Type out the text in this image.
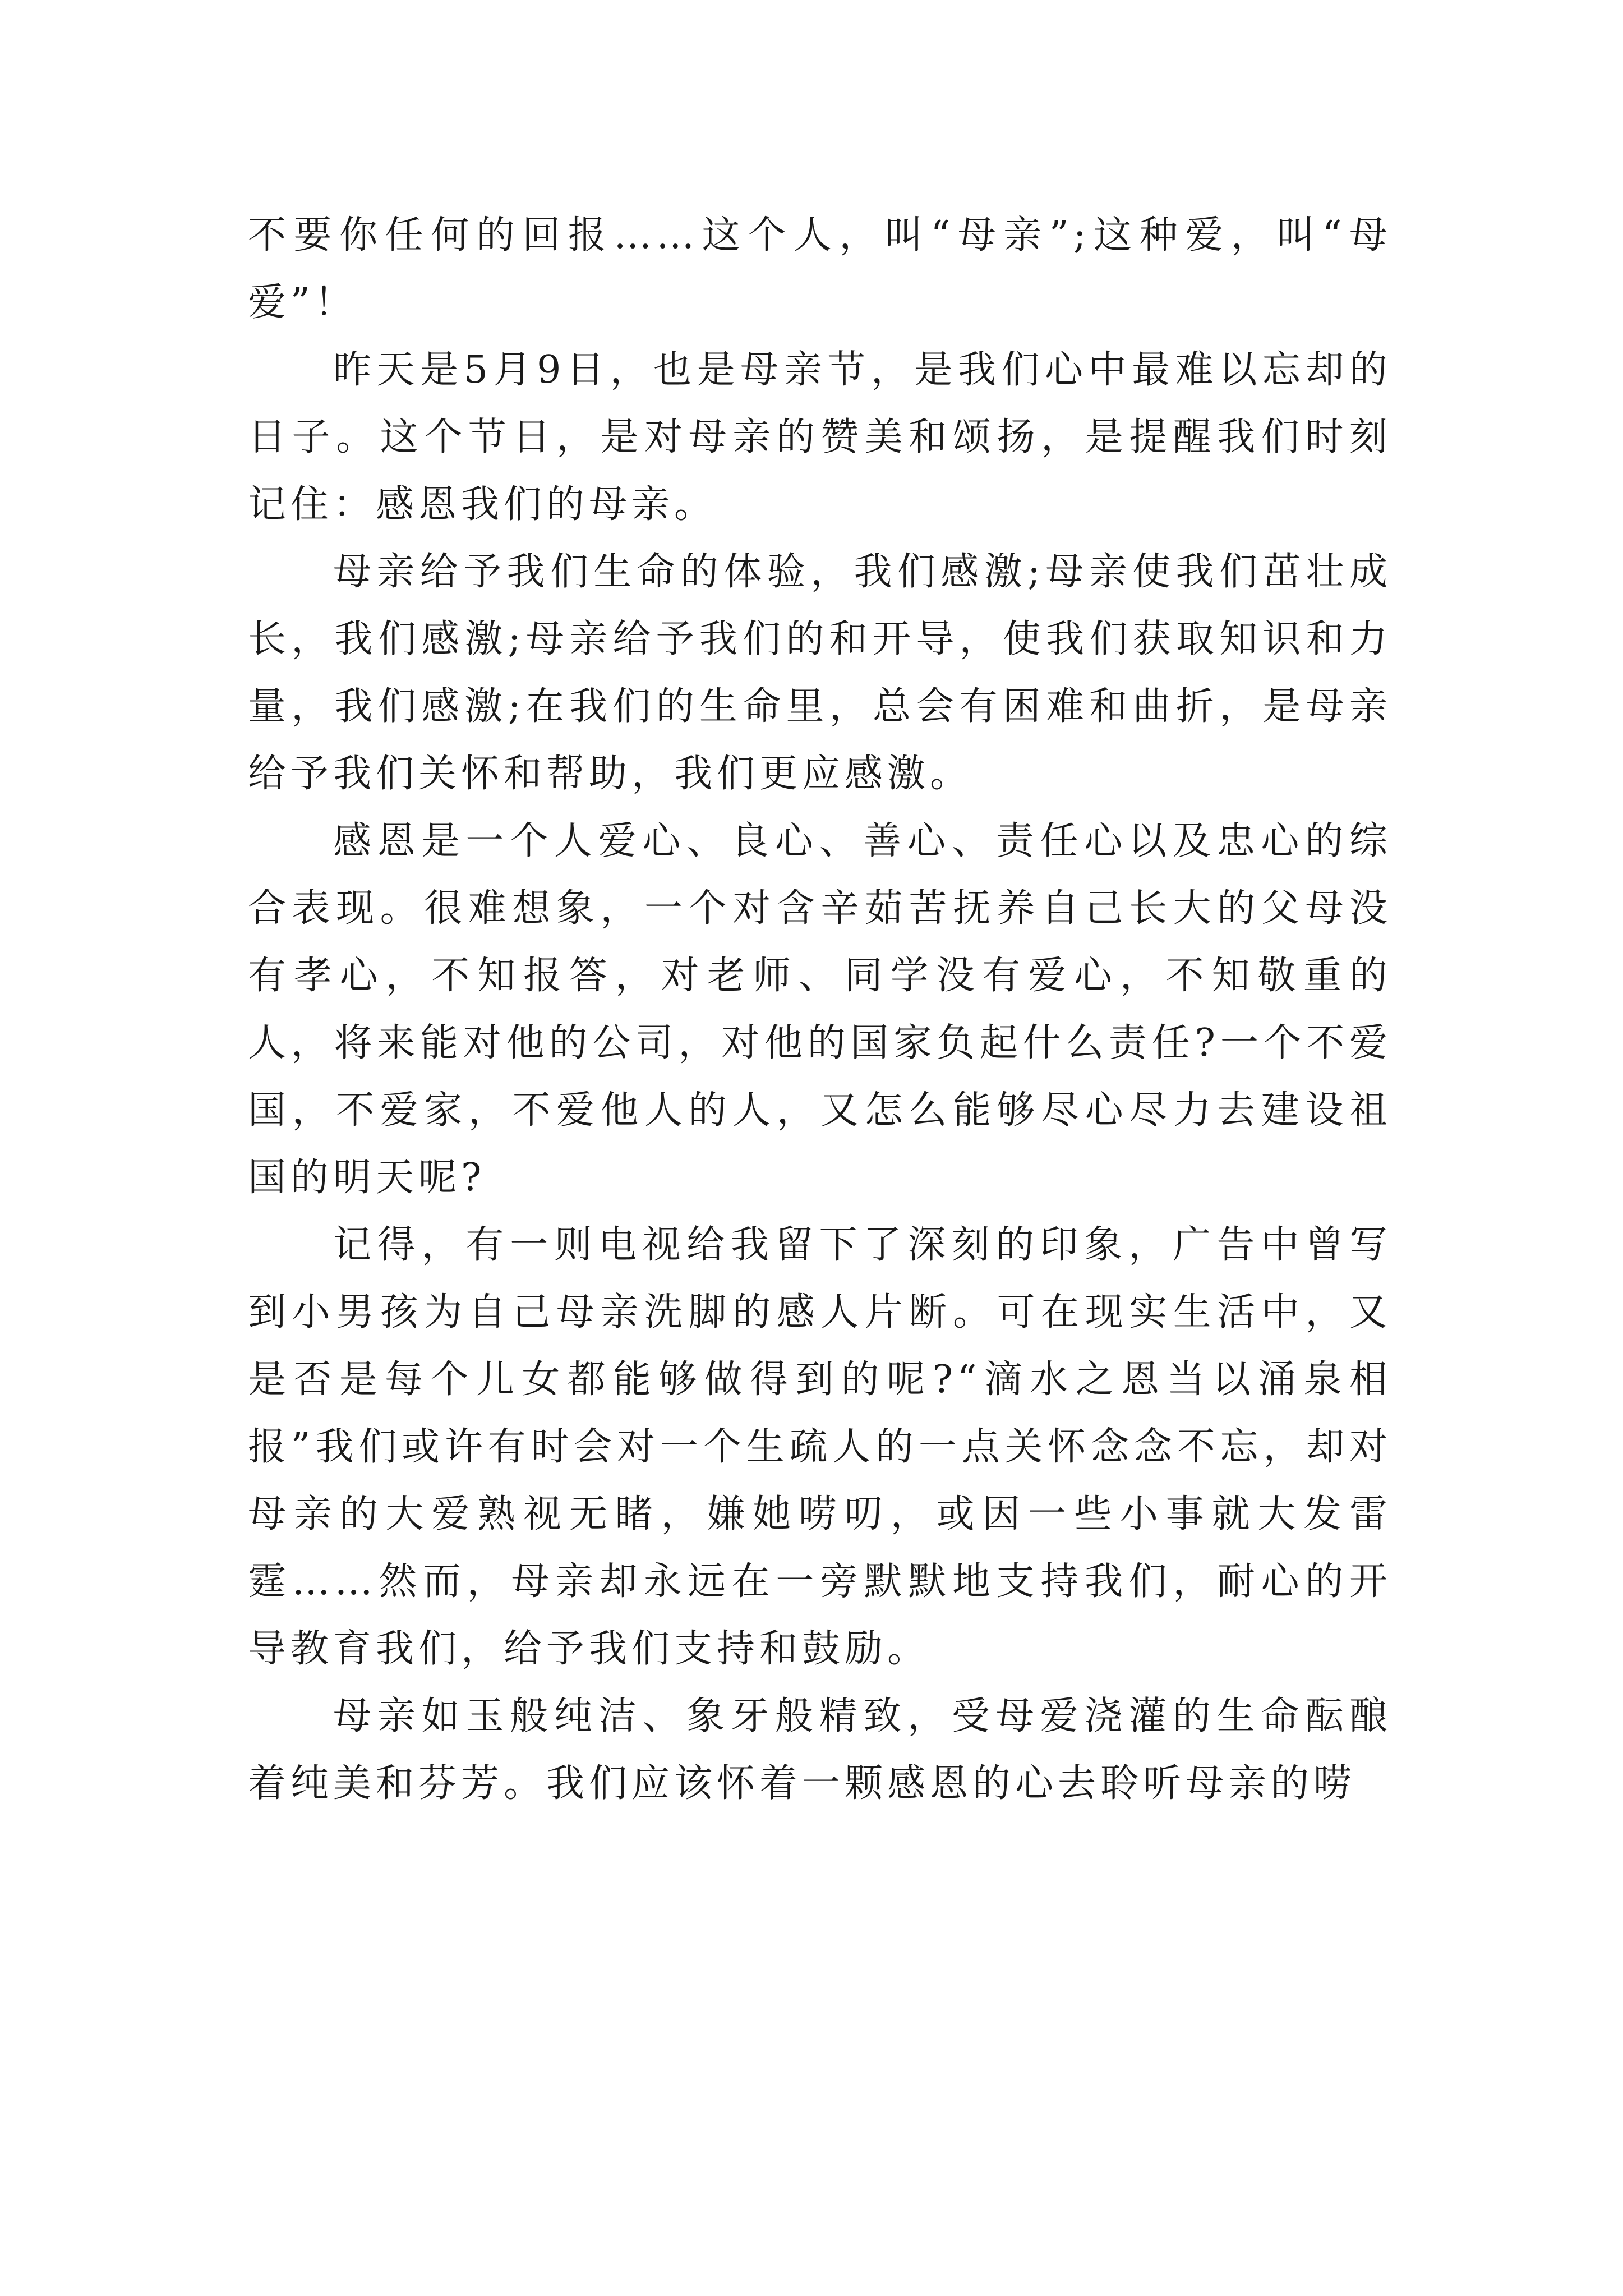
不要你任何的回报……这个人，叫“母亲”;这种爱，叫“母爱”！

昨天是5月9日，也是母亲节，是我们心中最难以忘却的日子。这个节日，是对母亲的赞美和颂扬，是提醒我们时刻记住：感恩我们的母亲。

母亲给予我们生命的体验，我们感激;母亲使我们茁壮成长，我们感激;母亲给予我们的和开导，使我们获取知识和力量，我们感激;在我们的生命里，总会有困难和曲折，是母亲给予我们关怀和帮助，我们更应感激。

感恩是一个人爱心、良心、善心、责任心以及忠心的综合表现。很难想象，一个对含辛茹苦抚养自己长大的父母没有孝心，不知报答，对老师、同学没有爱心，不知敬重的人，将来能对他的公司，对他的国家负起什么责任?一个不爱国，不爱家，不爱他人的人，又怎么能够尽心尽力去建设祖国的明天呢?

记得，有一则电视给我留下了深刻的印象，广告中曾写到小男孩为自己母亲洗脚的感人片断。可在现实生活中，又是否是每个儿女都能够做得到的呢?“滴水之恩当以涌泉相报”我们或许有时会对一个生疏人的一点关怀念念不忘，却对母亲的大爱熟视无睹，嫌她唠叨，或因一些小事就大发雷霆……然而，母亲却永远在一旁默默地支持我们，耐心的开导教育我们，给予我们支持和鼓励。

母亲如玉般纯洁、象牙般精致，受母爱浇灌的生命酝酿着纯美和芬芳。我们应该怀着一颗感恩的心去聆听母亲的唠
